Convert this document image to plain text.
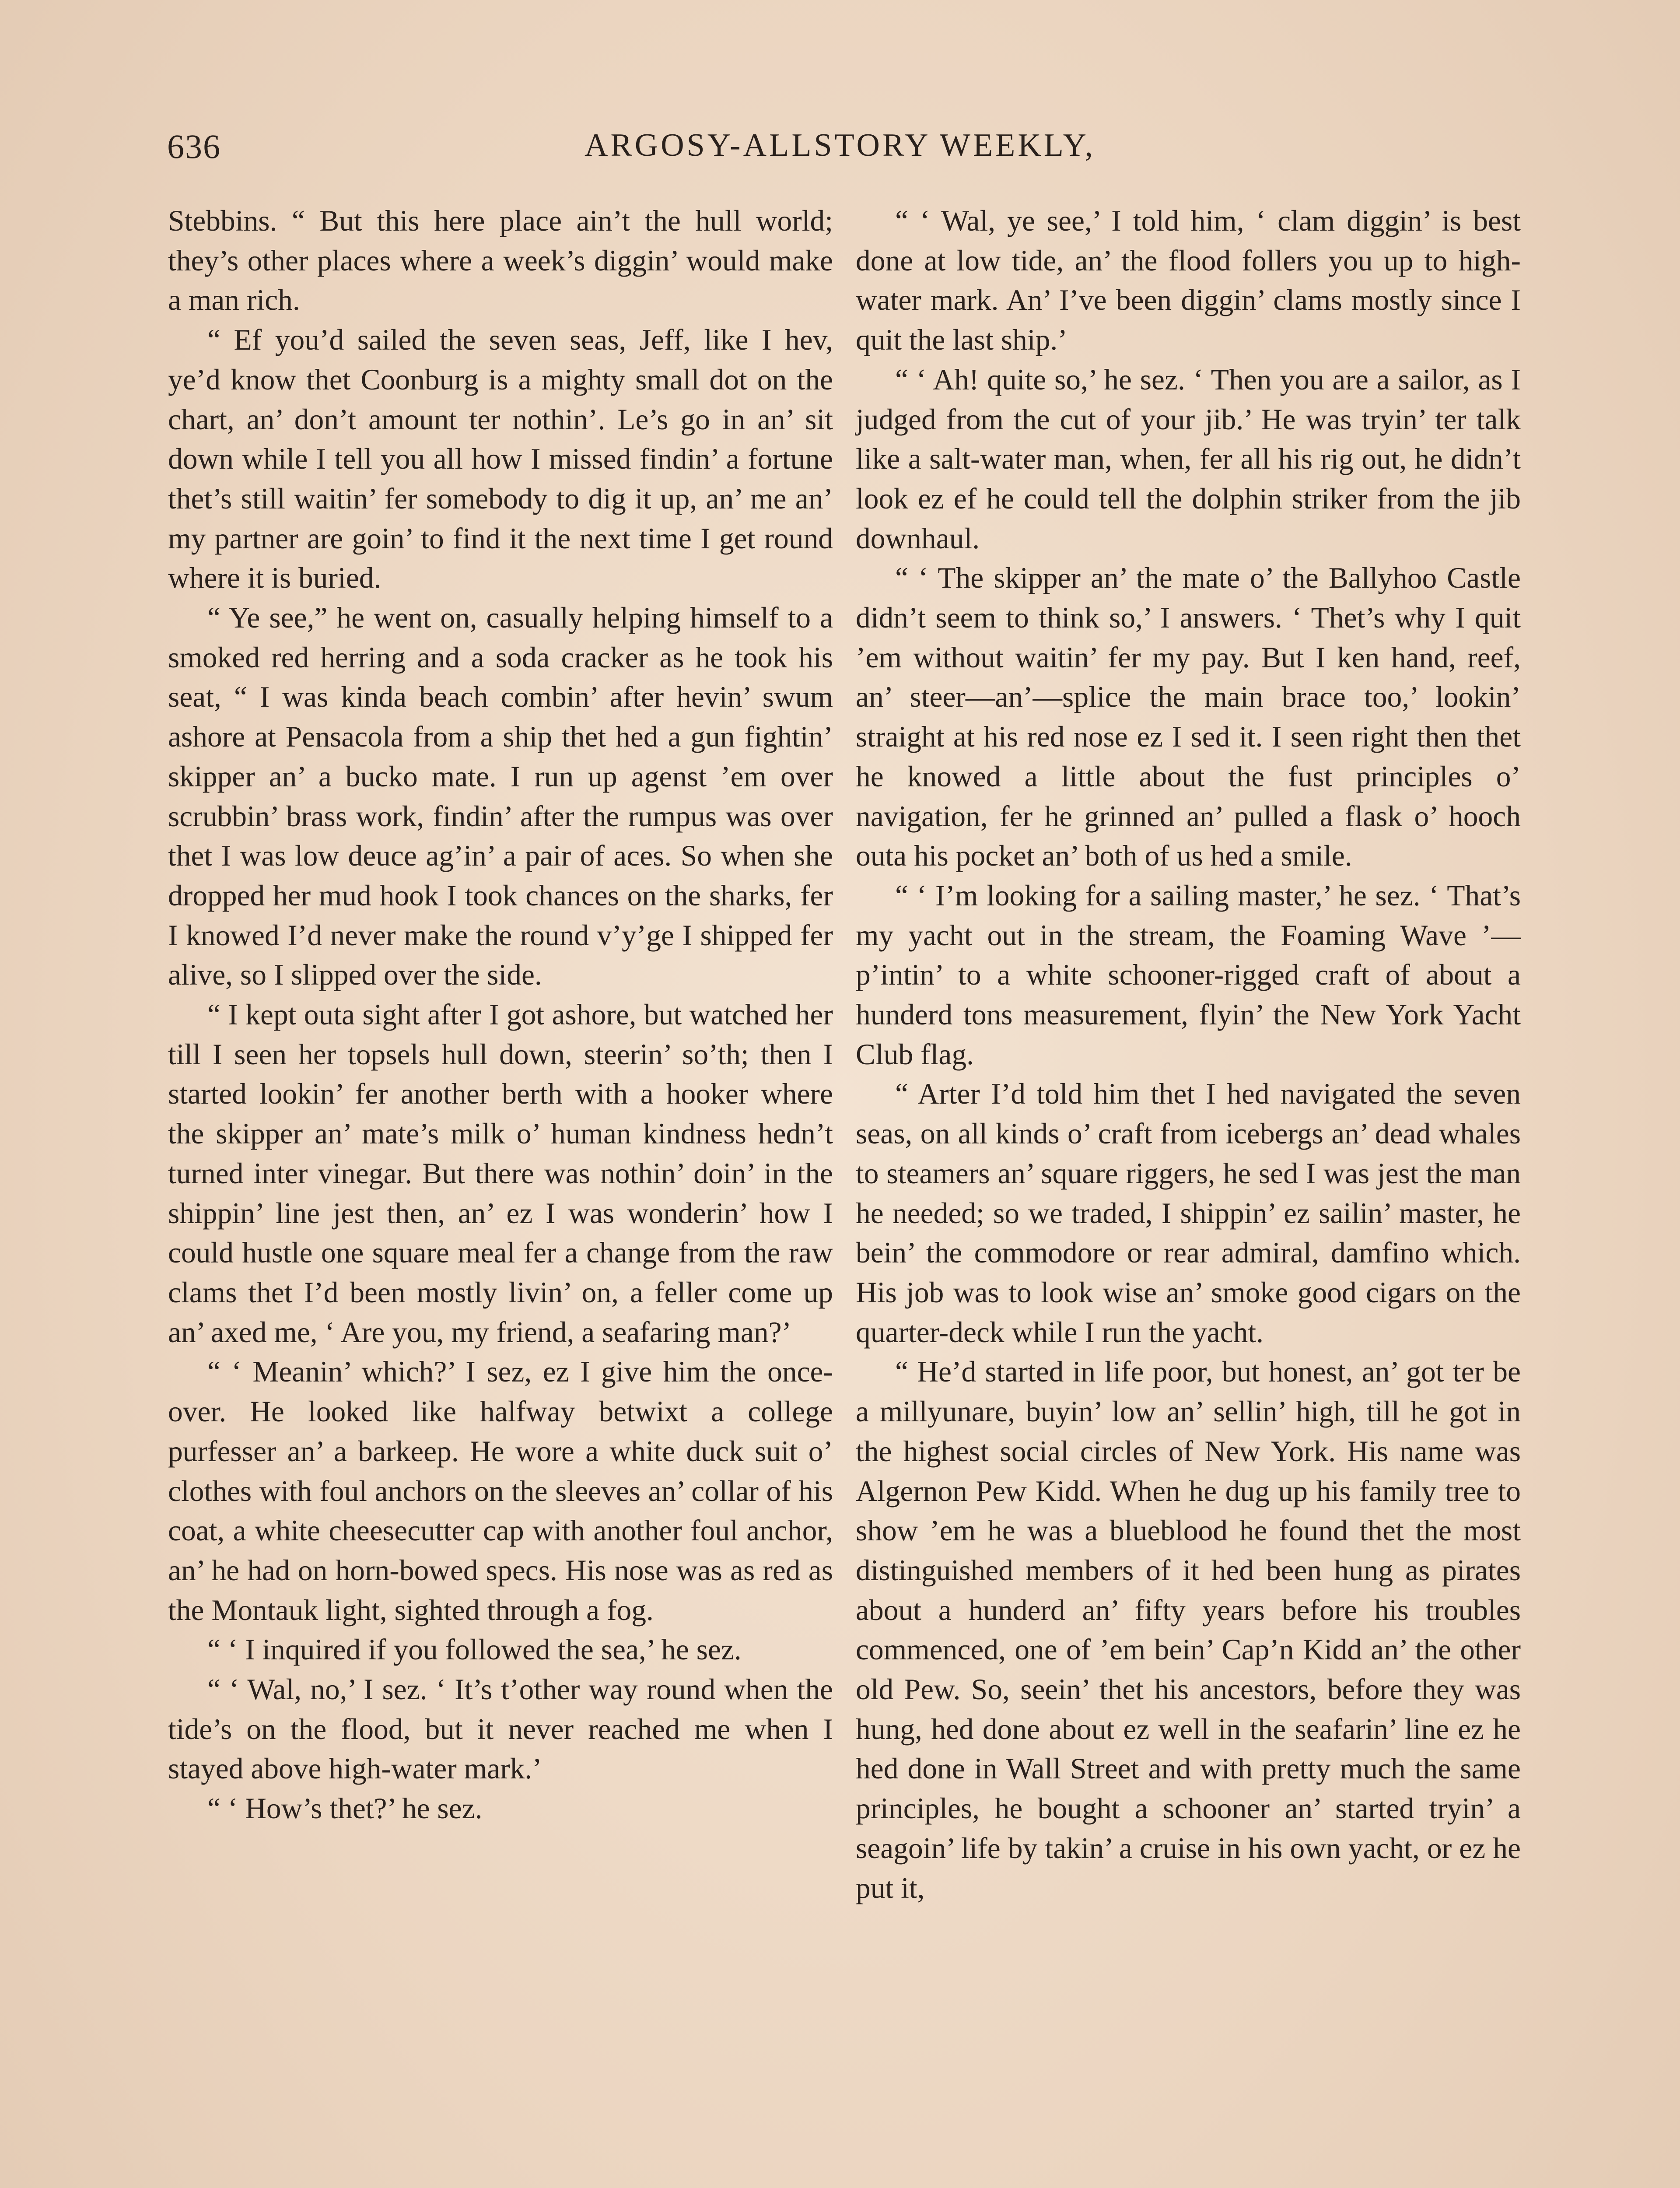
636	ARGOSY-ALLSTORY WEEKLY,

Stebbins. “ But this here place ain’t the hull world; they’s other places where a week’s diggin’ would make a man rich.

“ Ef you’d sailed the seven seas, Jeff, like I hev, ye’d know thet Coonburg is a mighty small dot on the chart, an’ don’t amount ter nothin’. Le’s go in an’ sit down while I tell you all how I missed findin’ a fortune thet’s still waitin’ fer somebody to dig it up, an’ me an’ my partner are goin’ to find it the next time I get round where it is buried.

“ Ye see,” he went on, casually helping himself to a smoked red herring and a soda cracker as he took his seat, “ I was kinda beach combin’ after hevin’ swum ashore at Pensacola from a ship thet hed a gun fightin’ skipper an’ a bucko mate. I run up agenst ’em over scrubbin’ brass work, findin’ after the rumpus was over thet I was low deuce ag’in’ a pair of aces. So when she dropped her mud hook I took chances on the sharks, fer I knowed I’d never make the round v’y’ge I shipped fer alive, so I slipped over the side.

“ I kept outa sight after I got ashore, but watched her till I seen her topsels hull down, steerin’ so’th; then I started lookin’ fer another berth with a hooker where the skipper an’ mate’s milk o’ human kindness hedn’t turned inter vinegar. But there was nothin’ doin’ in the shippin’ line jest then, an’ ez I was wonderin’ how I could hustle one square meal fer a change from the raw clams thet I’d been mostly livin’ on, a feller come up an’ axed me, ‘ Are you, my friend, a seafaring man?’

“ ‘ Meanin’ which?’ I sez, ez I give him the once-over. He looked like halfway betwixt a college purfesser an’ a barkeep. He wore a white duck suit o’ clothes with foul anchors on the sleeves an’ collar of his coat, a white cheesecutter cap with another foul anchor, an’ he had on horn-bowed specs. His nose was as red as the Montauk light, sighted through a fog.

“ ‘ I inquired if you followed the sea,’ he sez.

“ ‘ Wal, no,’ I sez. ‘ It’s t’other way round when the tide’s on the flood, but it never reached me when I stayed above high-water mark.’

“ ‘ How’s thet?’ he sez.

“ ‘ Wal, ye see,’ I told him, ‘ clam diggin’ is best done at low tide, an’ the flood follers you up to high-water mark. An’ I’ve been diggin’ clams mostly since I quit the last ship.’

“ ‘ Ah! quite so,’ he sez. ‘ Then you are a sailor, as I judged from the cut of your jib.’ He was tryin’ ter talk like a salt-water man, when, fer all his rig out, he didn’t look ez ef he could tell the dolphin striker from the jib downhaul.

“ ‘ The skipper an’ the mate o’ the Ballyhoo Castle didn’t seem to think so,’ I answers. ‘ Thet’s why I quit ’em without waitin’ fer my pay. But I ken hand, reef, an’ steer—an’—splice the main brace too,’ lookin’ straight at his red nose ez I sed it. I seen right then thet he knowed a little about the fust principles o’ navigation, fer he grinned an’ pulled a flask o’ hooch outa his pocket an’ both of us hed a smile.

“ ‘ I’m looking for a sailing master,’ he sez. ‘ That’s my yacht out in the stream, the Foaming Wave ’—p’intin’ to a white schooner-rigged craft of about a hunderd tons measurement, flyin’ the New York Yacht Club flag.

“ Arter I’d told him thet I hed navigated the seven seas, on all kinds o’ craft from icebergs an’ dead whales to steamers an’ square riggers, he sed I was jest the man he needed; so we traded, I shippin’ ez sailin’ master, he bein’ the commodore or rear admiral, damfino which. His job was to look wise an’ smoke good cigars on the quarter-deck while I run the yacht.

“ He’d started in life poor, but honest, an’ got ter be a millyunare, buyin’ low an’ sellin’ high, till he got in the highest social circles of New York. His name was Algernon Pew Kidd. When he dug up his family tree to show ’em he was a blueblood he found thet the most distinguished members of it hed been hung as pirates about a hunderd an’ fifty years before his troubles commenced, one of ’em bein’ Cap’n Kidd an’ the other old Pew. So, seein’ thet his ancestors, before they was hung, hed done about ez well in the seafarin’ line ez he hed done in Wall Street and with pretty much the same principles, he bought a schooner an’ started tryin’ a seagoin’ life by takin’ a cruise in his own yacht, or ez he put it,
